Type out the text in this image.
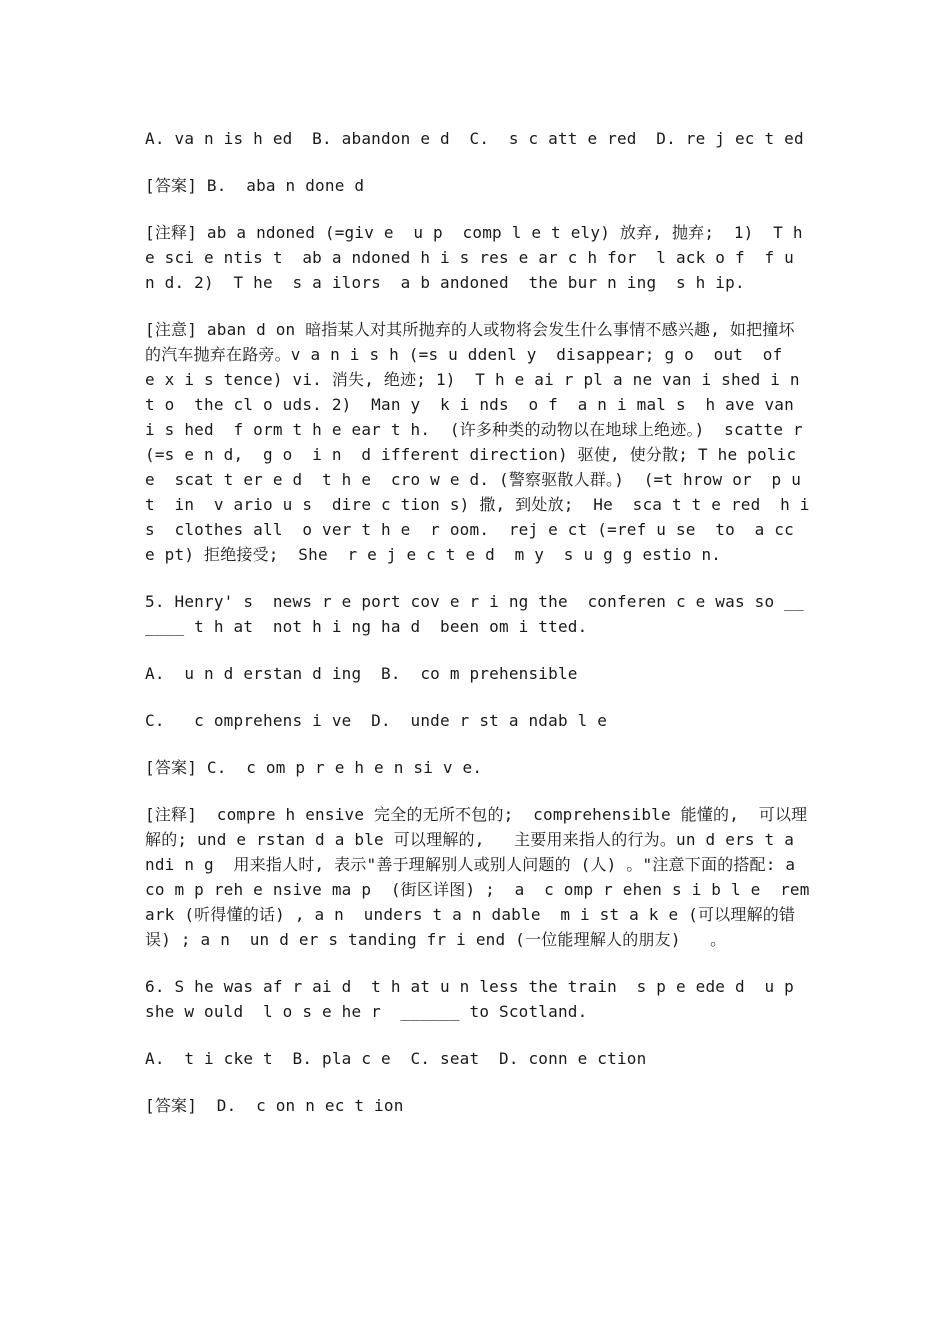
A. va n is h ed  B. abandon e d  C.  s c att e red  D. re j ec t ed

[答案] B.  aba n done d

[注释] ab a ndoned (=giv e  u p  comp l e t ely) 放弃, 抛弃;  1)  T h e sci e ntis t  ab a ndoned h i s res e ar c h for  l ack o f  f u n d. 2)  T he  s a ilors  a b andoned  the bur n ing  s h ip.

[注意] aban d on 暗指某人对其所抛弃的人或物将会发生什么事情不感兴趣, 如把撞坏的汽车抛弃在路旁。v a n i s h (=s u ddenl y  disappear; g o  out  of  e x i s tence) vi. 消失, 绝迹; 1)  T h e ai r pl a ne van i shed i n t o  the cl o uds. 2)  Man y  k i nds  o f  a n i mal s  h ave van i s hed  f orm t h e ear t h.  (许多种类的动物以在地球上绝迹。)  scatte r (=s e n d,  g o  i n  d ifferent direction) 驱使, 使分散; T he polic e  scat t er e d  t h e  cro w e d. (警察驱散人群。)  (=t hrow or  p u t  in  v ario u s  dire c tion s) 撒, 到处放;  He  sca t t e red  h i s  clothes all  o ver t h e  r oom.  rej e ct (=ref u se  to  a cc e pt) 拒绝接受;  She  r e j e c t e d  m y  s u g g estio n.

5. Henry' s  news r e port cov e r i ng the  conferen c e was so ______ t h at  not h i ng ha d  been om i tted.

A.  u n d erstan d ing  B.  co m prehensible

C.   c omprehens i ve  D.  unde r st a ndab l e

[答案] C.  c om p r e h e n si v e.

[注释]  compre h ensive 完全的无所不包的;  comprehensible 能懂的,  可以理解的; und e rstan d a ble 可以理解的,   主要用来指人的行为。un d ers t a ndi n g  用来指人时, 表示"善于理解别人或别人问题的 (人) 。"注意下面的搭配: a  co m p reh e nsive ma p  (街区详图) ;  a  c omp r ehen s i b l e  remark (听得懂的话) , a n  unders t a n dable  m i st a k e (可以理解的错误) ; a n  un d er s tanding fr i end (一位能理解人的朋友)   。

6. S he was af r ai d  t h at u n less the train  s p e ede d  u p  she w ould  l o s e he r  ______ to Scotland.

A.  t i cke t  B. pla c e  C. seat  D. conn e ction

[答案]  D.  c on n ec t ion
